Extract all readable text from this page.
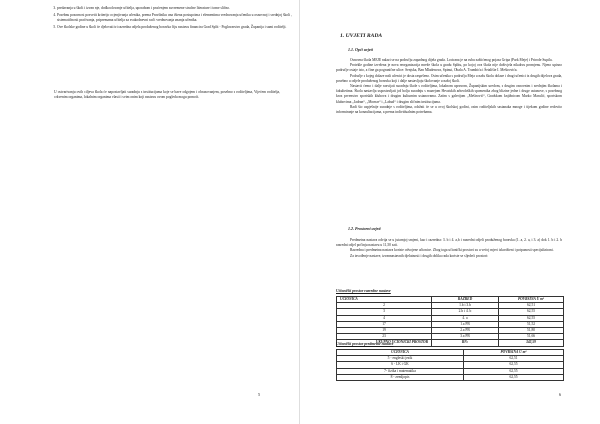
3. predavanja u školi i izvan nje, dodkoolovanje učitelja, uporabom i praćenjem suvremene stručne literature i tome slično.
4. Posebnu pozornost posvetit kriterijo ocjenjivanja učenika, prema Pravilniku ona ištena postupcima i elementima vrednovanja učenika u osnovnoj i srednjoj školi , sistematičnosti praćivanja, pripremama učitelja za svakodnevni rad i vrednovanja znanja učenika.
5. Ove školske godine u školi će djelovati tri razredna odjela produženog boravka čiju nastavu financira Grad Split - Poglavarstvo grada, Županija i sami roditelji.

U ostvarivanju ovih ciljeva škola će napostavljati suradnju s institucijama koje se bave odgojem i obrazovanjem, posebno s roditeljima, Vijećem roditelja, crkvenim organima, lokalnim organima vlasti i svim onim koji nastavu ovom pogledu mogu pomoći.

5
1. UVJETI RADA
1.1. Opći uvjeti

Osnovna škola MEJE nalazi se na području zapadnog dijela grada. Locirana je na rubu zaštićenog pojasa Gripa (Park Meje) i Prirode Supila.

Protekle godine izvršena je nova reorganizacija mreže škola u gradu Splitu, po kojoj ova škola nije doživjela nikakvu promjenu. Njeno upisno područje ostaje isto, a čine ga pogranične ulice: Senjska, Ban Mladenova, Spinut, Obala A. Trumbića i Šetalište I. Meštrovića.

Područje s kojeg dolaze naši učenici je dosta raspršeno. Osim učenika s područja Meja u našu školu dolaze i drugi učenici iz drugih dijelova grada, posebno u odjele produženog boravka koji i dalje nastavljaju školovanje u našoj školi.

Nastavit ćemo i dalje razvijati suradnju škole s roditeljima, lokalnom upravom, Županijskim uredom, s drugim osnovnim i srednjim školama i fakultetima. Škola nastavlja uspostavljati još bolju suradnju s muzejom Hrvatskih arheoloških spomenika zbog blizine jedne i druge ustanove, s posebnog kroz prvenstvo sportskih klubova i drugim kulturnim ustanovama. Zatim s galerijom „Meštrović“, Gradskom knjižnicom Marko Marulić, sportskom klubovima „Jadran“, „Mornar“ i „Labud“ i drugim sličnim institucijama.

Radi što uspješnije suradnje s roditeljima, održati će se u ovoj školskoj godini, osim roditeljskih sastanaka mnoge i tijekom godine redovito informiranje na konzultacijama, a prema individualnim potrebama.

1.2. Prostorni uvjeti

Predmetna nastava odvija se u jutarnjoj smjeni, kao i razredna: 3. b i 4. a,b i razredni odjeli produženog boravka (1. a, 2. a, i 3. a) dok 1. b i 2. b razredni odjel počinju nastavu u 11,50 sati.

Razredna i predmetna nastava koriste odvojene učionice. Zbog toga učionički prostori su u većoj mjeri iskorišteni i potpunosti specijalizirani.

Za izvođenje nastave, izvannastavnih djelatnosti i drugih oblika rada koriste se sljedeći prostori:

Učionički prostor razredne nastave

UČIONICA	RAZRED	POVRŠINA U m²
2	1.b i 3.b	62,51
3	2.b i 4. b	62,55
4	4. a	62,55
17	1.a PB	51,52
19	2.a PB	51,80
23	3.a PB	51,66
UKUPNO UČIONIČKI PROSTOR	RN:	342,59

Učionički prostor predmetne nastave

UČIONICA	POVRŠINA U m²
5 - engleski jezik	62,51
6 - LK i GK	62,55
7- fizika i matematika	62,55
8 - zemljopis	62,55
6
